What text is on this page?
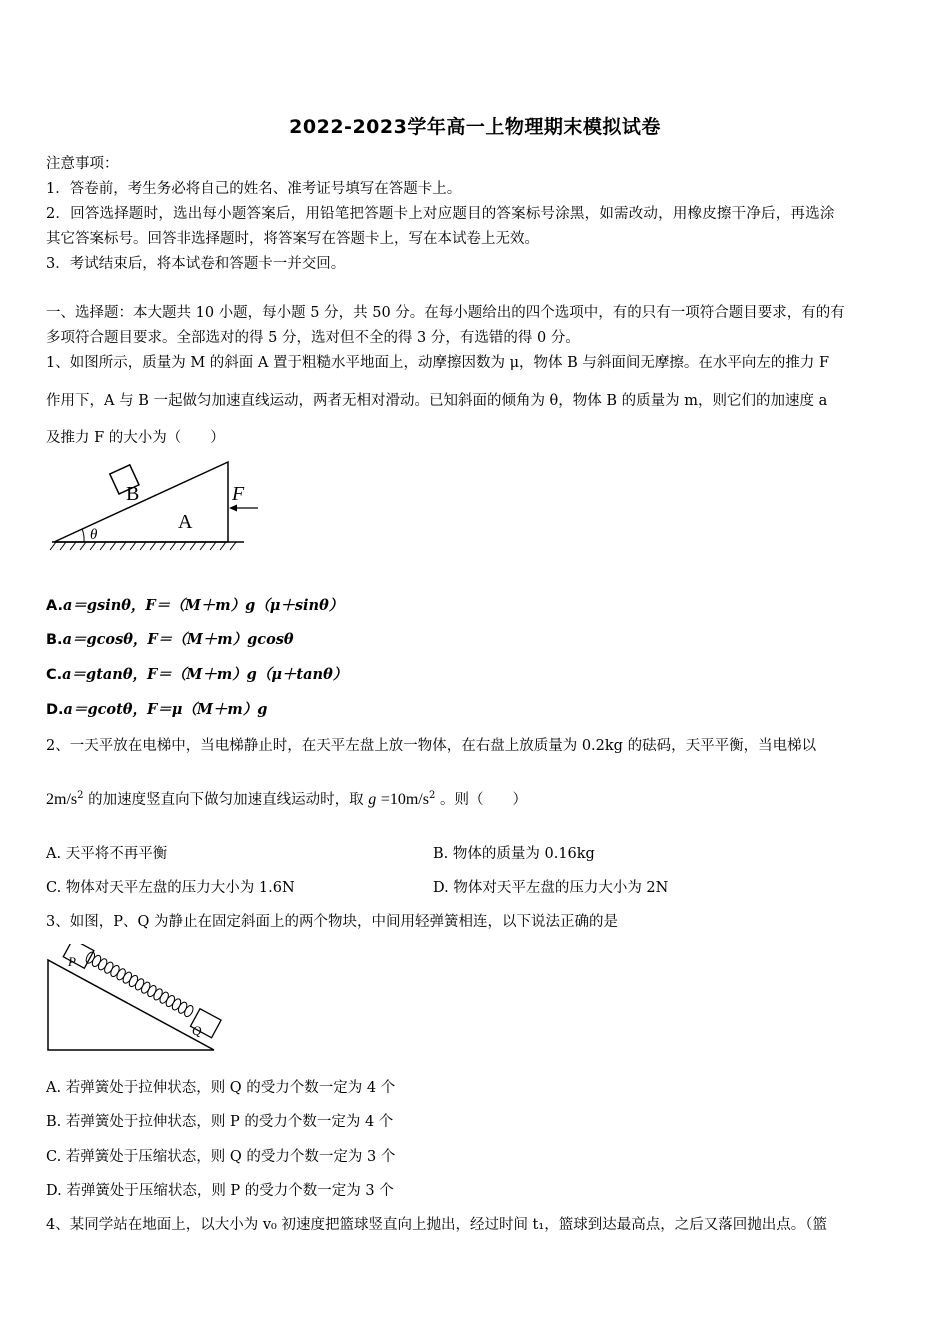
2022-2023学年高一上物理期末模拟试卷
注意事项：
1．答卷前，考生务必将自己的姓名、准考证号填写在答题卡上。
2．回答选择题时，选出每小题答案后，用铅笔把答题卡上对应题目的答案标号涂黑，如需改动，用橡皮擦干净后，再选涂
其它答案标号。回答非选择题时，将答案写在答题卡上，写在本试卷上无效。
3．考试结束后，将本试卷和答题卡一并交回。
一、选择题：本大题共 10 小题，每小题 5 分，共 50 分。在每小题给出的四个选项中，有的只有一项符合题目要求，有的有
多项符合题目要求。全部选对的得 5 分，选对但不全的得 3 分，有选错的得 0 分。
1、如图所示，质量为 M 的斜面 A 置于粗糙水平地面上，动摩擦因数为 μ，物体 B 与斜面间无摩擦。在水平向左的推力 F
作用下，A 与 B 一起做匀加速直线运动，两者无相对滑动。已知斜面的倾角为 θ，物体 B 的质量为 m，则它们的加速度 a
及推力 F 的大小为（　　）
B
A
θ
F
A.a＝gsinθ，F＝（M＋m）g（μ＋sinθ）
B.a＝gcosθ，F＝（M＋m）gcosθ
C.a＝gtanθ，F＝（M＋m）g（μ＋tanθ）
D.a＝gcotθ，F＝μ（M＋m）g
2、一天平放在电梯中，当电梯静止时，在天平左盘上放一物体，在右盘上放质量为 0.2kg 的砝码，天平平衡，当电梯以
$2m/s^2$ 的加速度竖直向下做匀加速直线运动时，取 $g =10m/s^2$ 。则（　　）
A. 天平将不再平衡	B. 物体的质量为 0.16kg
C. 物体对天平左盘的压力大小为 1.6N	D. 物体对天平左盘的压力大小为 2N
3、如图，P、Q 为静止在固定斜面上的两个物块，中间用轻弹簧相连，以下说法正确的是
P
Q
A. 若弹簧处于拉伸状态，则 Q 的受力个数一定为 4 个
B. 若弹簧处于拉伸状态，则 P 的受力个数一定为 4 个
C. 若弹簧处于压缩状态，则 Q 的受力个数一定为 3 个
D. 若弹簧处于压缩状态，则 P 的受力个数一定为 3 个
4、某同学站在地面上，以大小为 v₀ 初速度把篮球竖直向上抛出，经过时间 t₁，篮球到达最高点，之后又落回抛出点。（篮
